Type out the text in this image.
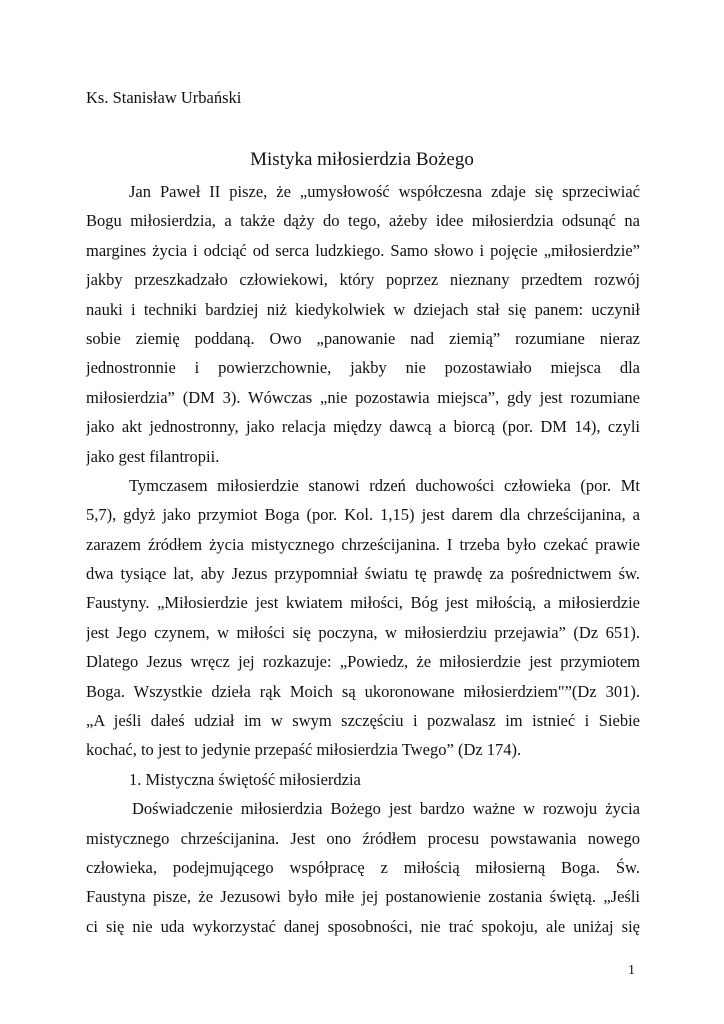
Ks. Stanisław Urbański
Mistyka miłosierdzia Bożego
Jan Paweł II pisze, że „umysłowość współczesna zdaje się sprzeciwiać
Bogu miłosierdzia, a także dąży do tego, ażeby idee miłosierdzia odsunąć na
margines życia i odciąć od serca ludzkiego. Samo słowo i pojęcie „miłosierdzie”
jakby przeszkadzało człowiekowi, który poprzez nieznany przedtem rozwój
nauki i techniki bardziej niż kiedykolwiek w dziejach stał się panem: uczynił
sobie ziemię poddaną. Owo „panowanie nad ziemią” rozumiane nieraz
jednostronnie i powierzchownie, jakby nie pozostawiało miejsca dla
miłosierdzia” (DM 3). Wówczas „nie pozostawia miejsca”, gdy jest rozumiane
jako akt jednostronny, jako relacja między dawcą a biorcą (por. DM 14), czyli
jako gest filantropii.
Tymczasem miłosierdzie stanowi rdzeń duchowości człowieka (por. Mt
5,7), gdyż jako przymiot Boga (por. Kol. 1,15) jest darem dla chrześcijanina, a
zarazem źródłem życia mistycznego chrześcijanina. I trzeba było czekać prawie
dwa tysiące lat, aby Jezus przypomniał światu tę prawdę za pośrednictwem św.
Faustyny. „Miłosierdzie jest kwiatem miłości, Bóg jest miłością, a miłosierdzie
jest Jego czynem, w miłości się poczyna, w miłosierdziu przejawia” (Dz 651).
Dlatego Jezus wręcz jej rozkazuje: „Powiedz, że miłosierdzie jest przymiotem
Boga. Wszystkie dzieła rąk Moich są ukoronowane miłosierdziem"”(Dz 301).
„A jeśli dałeś udział im w swym szczęściu i pozwalasz im istnieć i Siebie
kochać, to jest to jedynie przepaść miłosierdzia Twego” (Dz 174).
1. Mistyczna świętość miłosierdzia
Doświadczenie miłosierdzia Bożego jest bardzo ważne w rozwoju życia
mistycznego chrześcijanina. Jest ono źródłem procesu powstawania nowego
człowieka, podejmującego współpracę z miłością miłosierną Boga. Św.
Faustyna pisze, że Jezusowi było miłe jej postanowienie zostania świętą. „Jeśli
ci się nie uda wykorzystać danej sposobności, nie trać spokoju, ale uniżaj się
1
